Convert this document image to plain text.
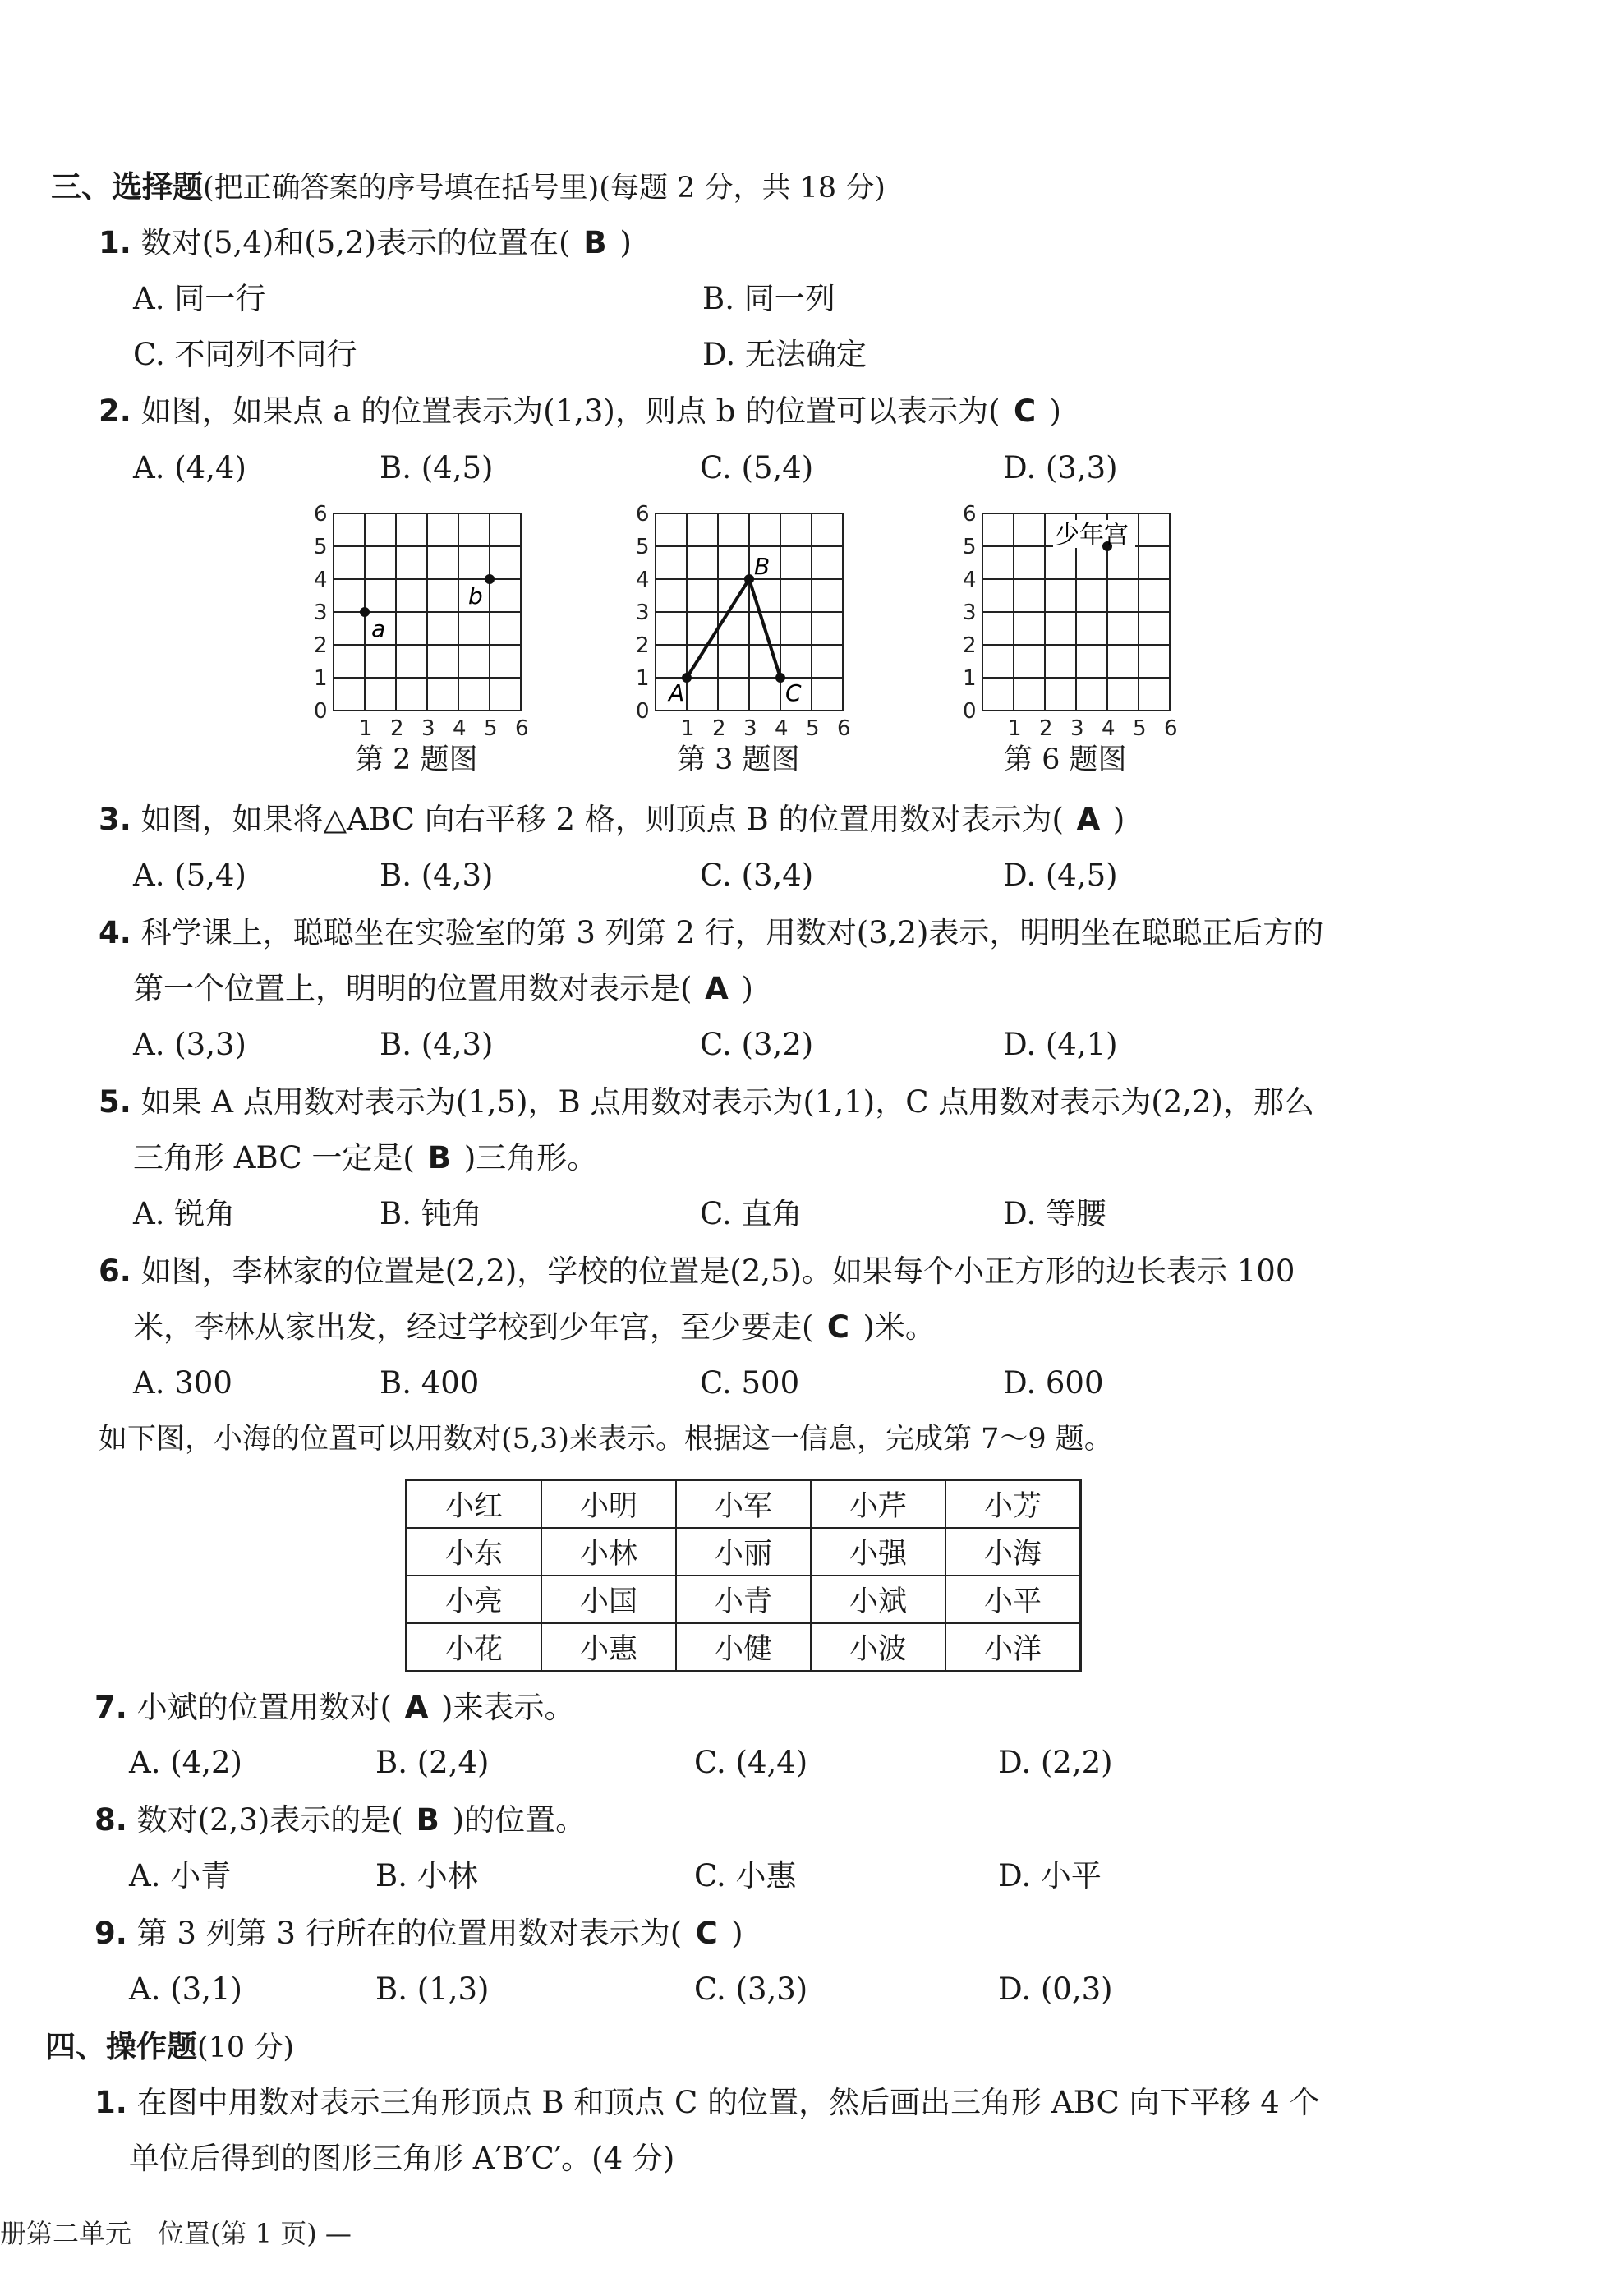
三、选择题(把正确答案的序号填在括号里)(每题 2 分，共 18 分)
1. 数对(5,4)和(5,2)表示的位置在( B )
A. 同一行	B. 同一列
C. 不同列不同行	D. 无法确定
2. 如图，如果点 a 的位置表示为(1,3)，则点 b 的位置可以表示为( C )
A. (4,4)	B. (4,5)	C. (5,4)	D. (3,3)
0
1
2
3
4
5
6
1 2 3 4 5 6
a
b
第 2 题图
0
1
2
3
4
5
6
1 2 3 4 5 6
A
B
C
第 3 题图
0
1
2
3
4
5
6
1 2 3 4 5 6
少年宫
第 6 题图
3. 如图，如果将△ABC 向右平移 2 格，则顶点 B 的位置用数对表示为( A )
A. (5,4)	B. (4,3)	C. (3,4)	D. (4,5)
4. 科学课上，聪聪坐在实验室的第 3 列第 2 行，用数对(3,2)表示，明明坐在聪聪正后方的
第一个位置上，明明的位置用数对表示是( A )
A. (3,3)	B. (4,3)	C. (3,2)	D. (4,1)
5. 如果 A 点用数对表示为(1,5)，B 点用数对表示为(1,1)，C 点用数对表示为(2,2)，那么
三角形 ABC 一定是( B )三角形。
A. 锐角	B. 钝角	C. 直角	D. 等腰
6. 如图，李林家的位置是(2,2)，学校的位置是(2,5)。如果每个小正方形的边长表示 100
米，李林从家出发，经过学校到少年宫，至少要走( C )米。
A. 300	B. 400	C. 500	D. 600
如下图，小海的位置可以用数对(5,3)来表示。根据这一信息，完成第 7～9 题。
小红	小明	小军	小芹	小芳
小东	小林	小丽	小强	小海
小亮	小国	小青	小斌	小平
小花	小惠	小健	小波	小洋
7. 小斌的位置用数对( A )来表示。
A. (4,2)	B. (2,4)	C. (4,4)	D. (2,2)
8. 数对(2,3)表示的是( B )的位置。
A. 小青	B. 小林	C. 小惠	D. 小平
9. 第 3 列第 3 行所在的位置用数对表示为( C )
A. (3,1)	B. (1,3)	C. (3,3)	D. (0,3)
四、操作题(10 分)
1. 在图中用数对表示三角形顶点 B 和顶点 C 的位置，然后画出三角形 ABC 向下平移 4 个
单位后得到的图形三角形 A′B′C′。(4 分)
册第二单元　位置(第 1 页) —
